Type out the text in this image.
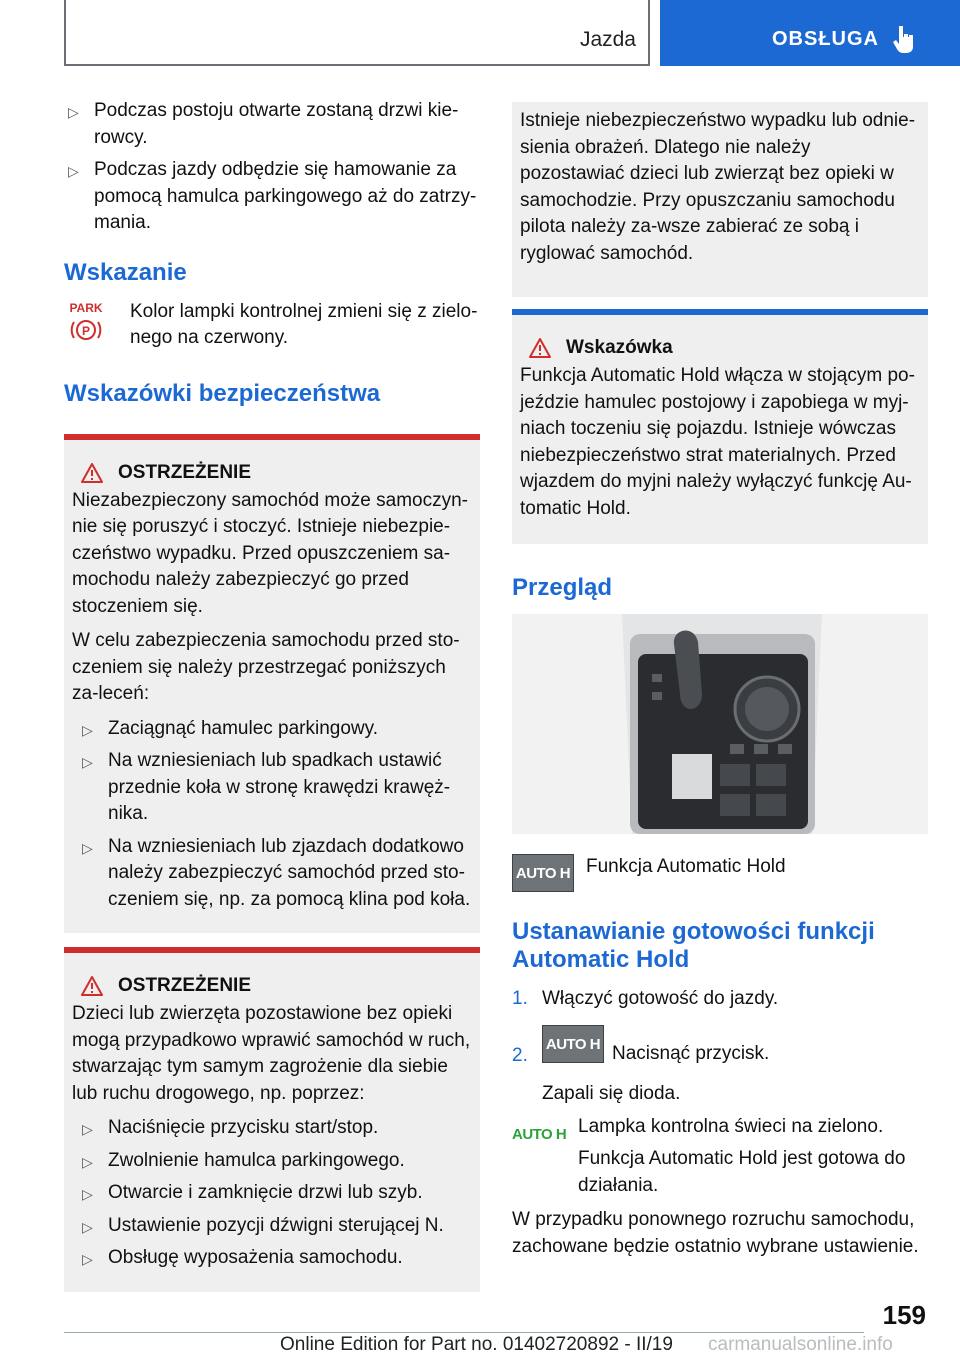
Jazda	OBSŁUGA
▷ Podczas postoju otwarte zostaną drzwi kie‐rowcy.
▷ Podczas jazdy odbędzie się hamowanie za pomocą hamulca parkingowego aż do zatrzy‐mania.
Wskazanie
PARK
P

Kolor lampki kontrolnej zmieni się z zielo‐nego na czerwony.

Wskazówki bezpieczeństwa
OSTRZEŻENIE

Niezabezpieczony samochód może samoczyn‐nie się poruszyć i stoczyć. Istnieje niebezpie‐czeństwo wypadku. Przed opuszczeniem sa‐mochodu należy zabezpieczyć go przed stoczeniem się.

W celu zabezpieczenia samochodu przed sto‐czeniem się należy przestrzegać poniższych za‐leceń:

▷ Zaciągnąć hamulec parkingowy.
▷ Na wzniesieniach lub spadkach ustawić przednie koła w stronę krawędzi krawęż‐nika.
▷ Na wzniesieniach lub zjazdach dodatkowo należy zabezpieczyć samochód przed sto‐czeniem się, np. za pomocą klina pod koła.
OSTRZEŻENIE

Dzieci lub zwierzęta pozostawione bez opieki mogą przypadkowo wprawić samochód w ruch, stwarzając tym samym zagrożenie dla siebie lub ruchu drogowego, np. poprzez:

▷ Naciśnięcie przycisku start/stop.
▷ Zwolnienie hamulca parkingowego.
▷ Otwarcie i zamknięcie drzwi lub szyb.
▷ Ustawienie pozycji dźwigni sterującej N.
▷ Obsługę wyposażenia samochodu.

Istnieje niebezpieczeństwo wypadku lub odnie‐sienia obrażeń. Dlatego nie należy pozostawiać dzieci lub zwierząt bez opieki w samochodzie. Przy opuszczaniu samochodu pilota należy za‐wsze zabierać ze sobą i ryglować samochód.

Wskazówka

Funkcja Automatic Hold włącza w stojącym po‐jeździe hamulec postojowy i zapobiega w myj‐niach toczeniu się pojazdu. Istnieje wówczas niebezpieczeństwo strat materialnych. Przed wjazdem do myjni należy wyłączyć funkcję Au‐tomatic Hold.

Przegląd
AUTO H Funkcja Automatic Hold

Ustanawianie gotowości funkcji Automatic Hold
1. Włączyć gotowość do jazdy.
2.
AUTO H Nacisnąć przycisk.

Zapali się dioda.

AUTO H Lampka kontrolna świeci na zielono.

Funkcja Automatic Hold jest gotowa do działania.

W przypadku ponownego rozruchu samochodu, zachowane będzie ostatnio wybrane ustawienie.

159
Online Edition for Part no. 01402720892 - II/19 carmanualsonline.info
